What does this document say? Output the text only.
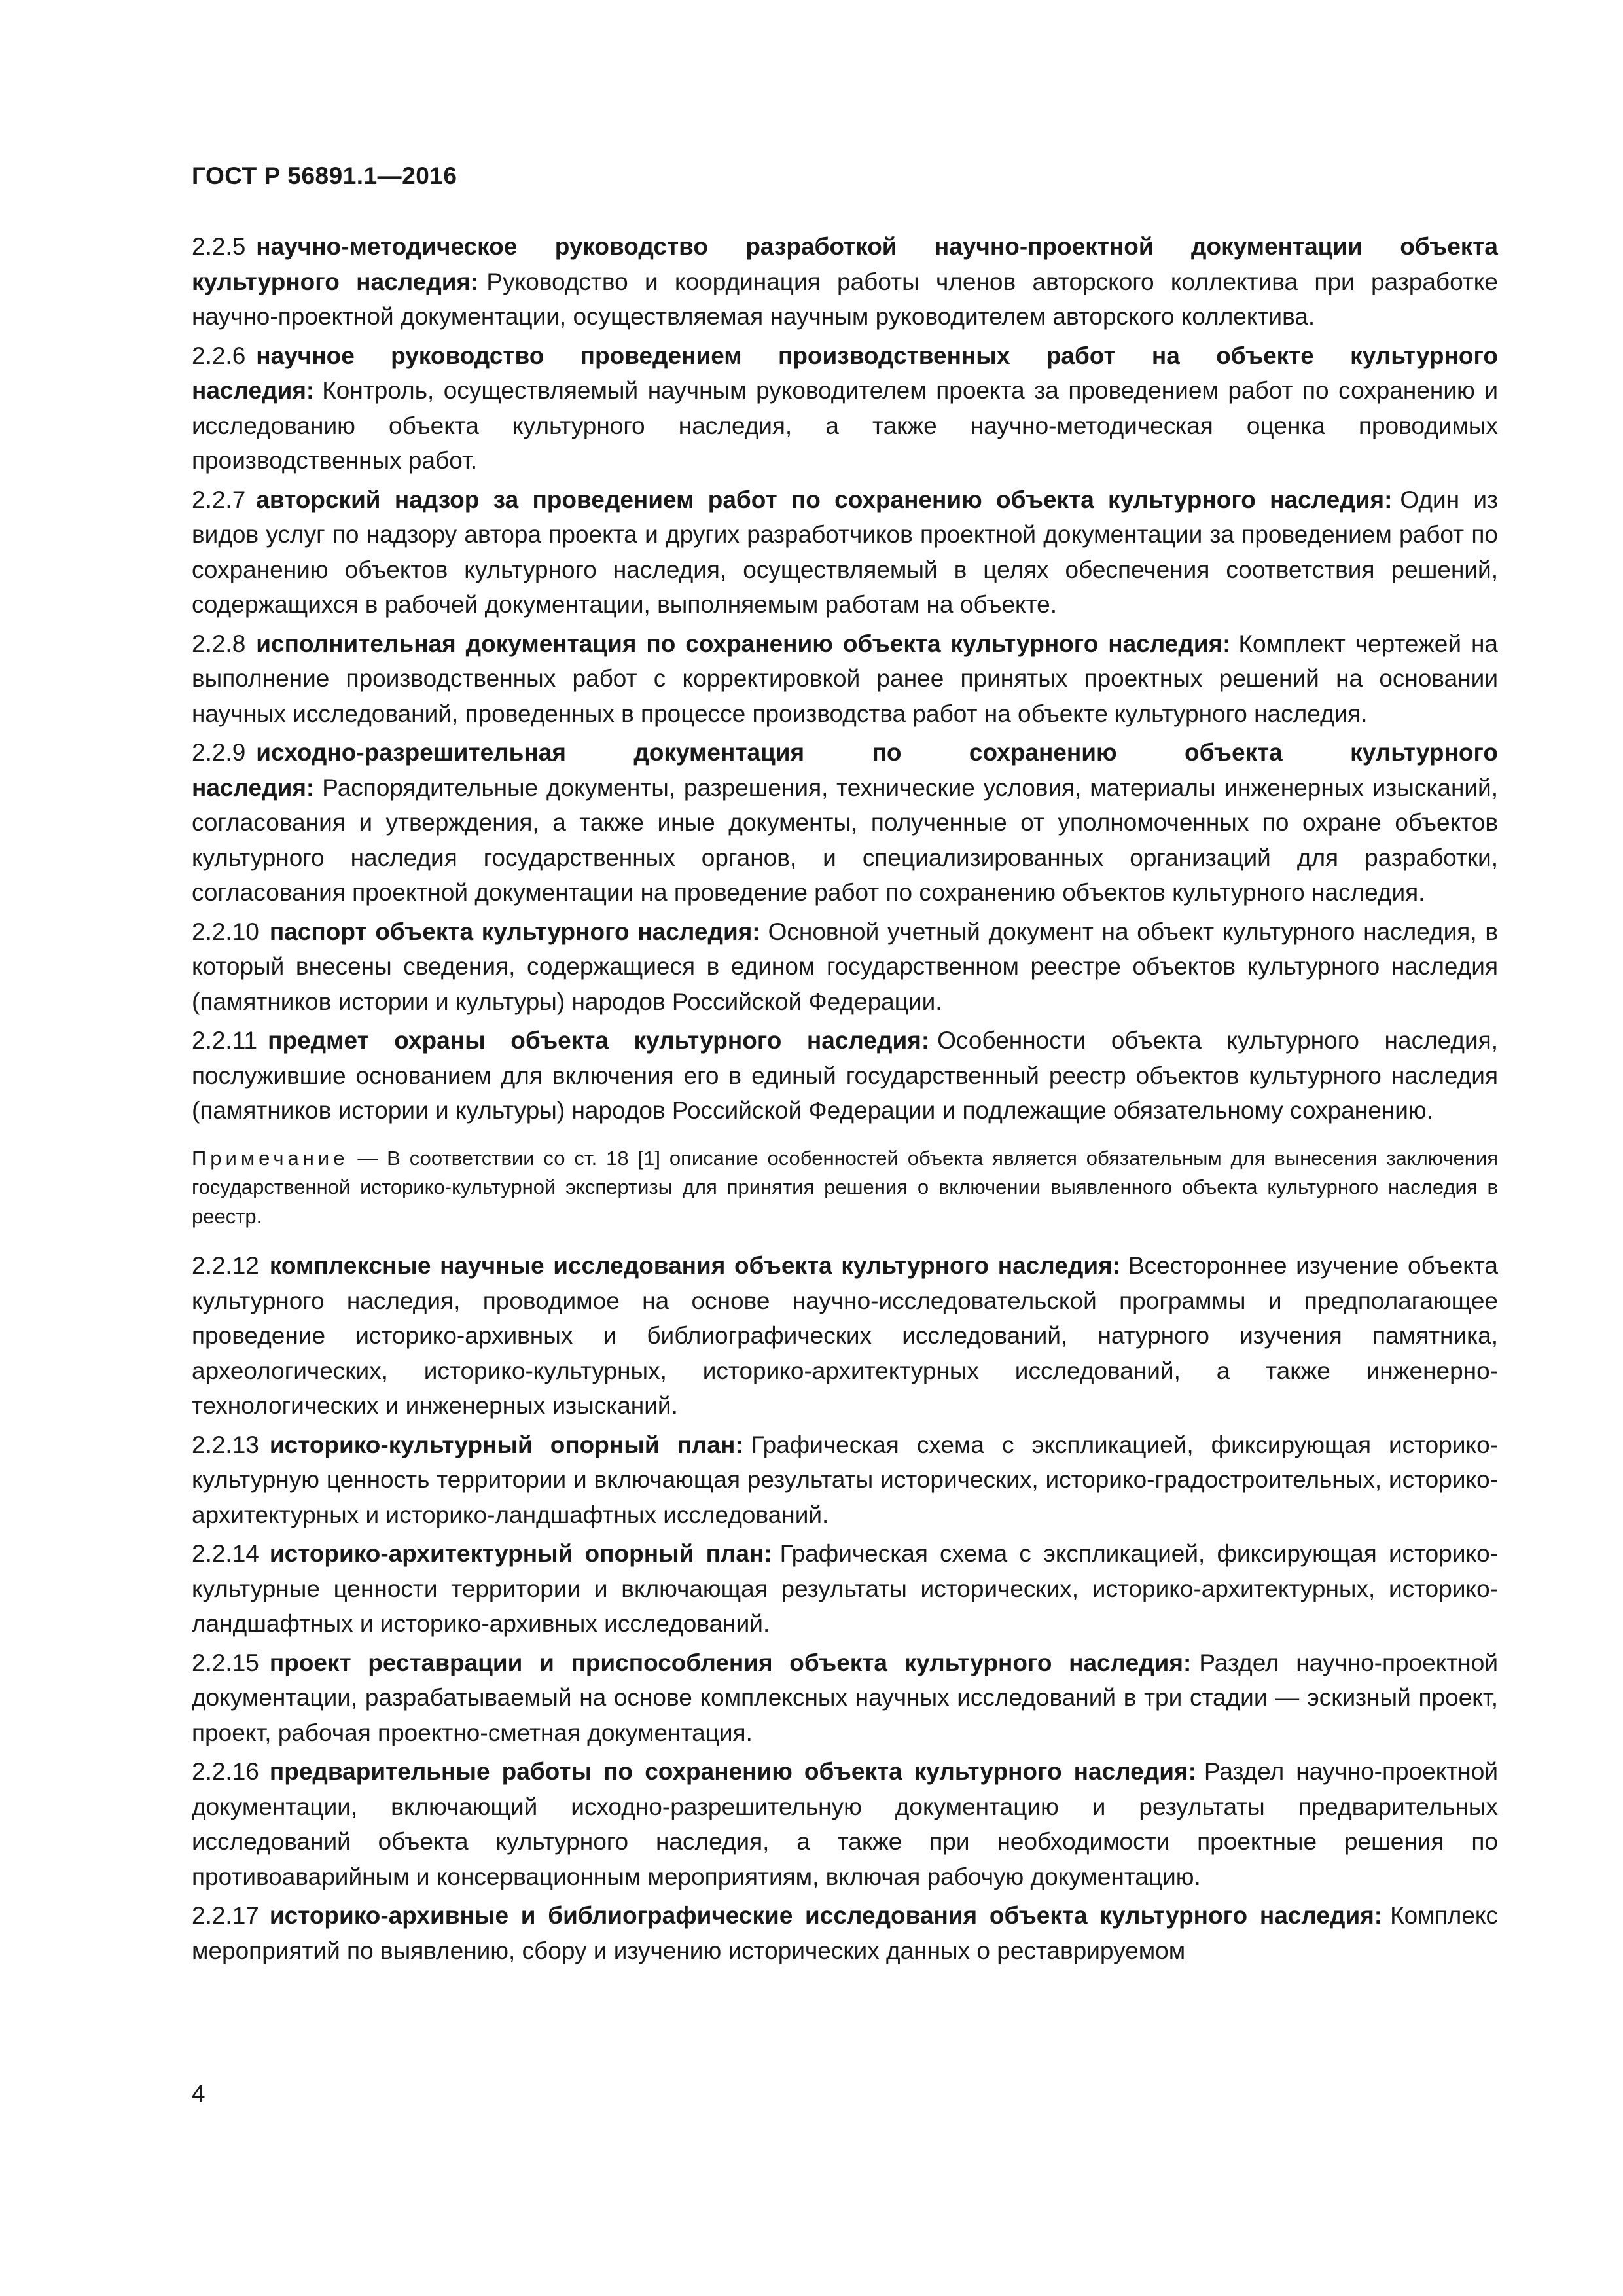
ГОСТ Р 56891.1—2016

2.2.5 научно-методическое руководство разработкой научно-проектной документации объекта культурного наследия: Руководство и координация работы членов авторского коллектива при разработке научно-проектной документации, осуществляемая научным руководителем авторского коллектива.

2.2.6 научное руководство проведением производственных работ на объекте культурного наследия: Контроль, осуществляемый научным руководителем проекта за проведением работ по сохранению и исследованию объекта культурного наследия, а также научно-методическая оценка проводимых производственных работ.

2.2.7 авторский надзор за проведением работ по сохранению объекта культурного наследия: Один из видов услуг по надзору автора проекта и других разработчиков проектной документации за проведением работ по сохранению объектов культурного наследия, осуществляемый в целях обеспечения соответствия решений, содержащихся в рабочей документации, выполняемым работам на объекте.

2.2.8 исполнительная документация по сохранению объекта культурного наследия: Комплект чертежей на выполнение производственных работ с корректировкой ранее принятых проектных решений на основании научных исследований, проведенных в процессе производства работ на объекте культурного наследия.

2.2.9 исходно-разрешительная документация по сохранению объекта культурного наследия: Распорядительные документы, разрешения, технические условия, материалы инженерных изысканий, согласования и утверждения, а также иные документы, полученные от уполномоченных по охране объектов культурного наследия государственных органов, и специализированных организаций для разработки, согласования проектной документации на проведение работ по сохранению объектов культурного наследия.

2.2.10 паспорт объекта культурного наследия: Основной учетный документ на объект культурного наследия, в который внесены сведения, содержащиеся в едином государственном реестре объектов культурного наследия (памятников истории и культуры) народов Российской Федерации.

2.2.11 предмет охраны объекта культурного наследия: Особенности объекта культурного наследия, послужившие основанием для включения его в единый государственный реестр объектов культурного наследия (памятников истории и культуры) народов Российской Федерации и подлежащие обязательному сохранению.

Примечание — В соответствии со ст. 18 [1] описание особенностей объекта является обязательным для вынесения заключения государственной историко-культурной экспертизы для принятия решения о включении выявленного объекта культурного наследия в реестр.

2.2.12 комплексные научные исследования объекта культурного наследия: Всестороннее изучение объекта культурного наследия, проводимое на основе научно-исследовательской программы и предполагающее проведение историко-архивных и библиографических исследований, натурного изучения памятника, археологических, историко-культурных, историко-архитектурных исследований, а также инженерно-технологических и инженерных изысканий.

2.2.13 историко-культурный опорный план: Графическая схема с экспликацией, фиксирующая историко-культурную ценность территории и включающая результаты исторических, историко-градостроительных, историко-архитектурных и историко-ландшафтных исследований.

2.2.14 историко-архитектурный опорный план: Графическая схема с экспликацией, фиксирующая историко-культурные ценности территории и включающая результаты исторических, историко-архитектурных, историко-ландшафтных и историко-архивных исследований.

2.2.15 проект реставрации и приспособления объекта культурного наследия: Раздел научно-проектной документации, разрабатываемый на основе комплексных научных исследований в три стадии — эскизный проект, проект, рабочая проектно-сметная документация.

2.2.16 предварительные работы по сохранению объекта культурного наследия: Раздел научно-проектной документации, включающий исходно-разрешительную документацию и результаты предварительных исследований объекта культурного наследия, а также при необходимости проектные решения по противоаварийным и консервационным мероприятиям, включая рабочую документацию.

2.2.17 историко-архивные и библиографические исследования объекта культурного наследия: Комплекс мероприятий по выявлению, сбору и изучению исторических данных о реставрируемом

4
